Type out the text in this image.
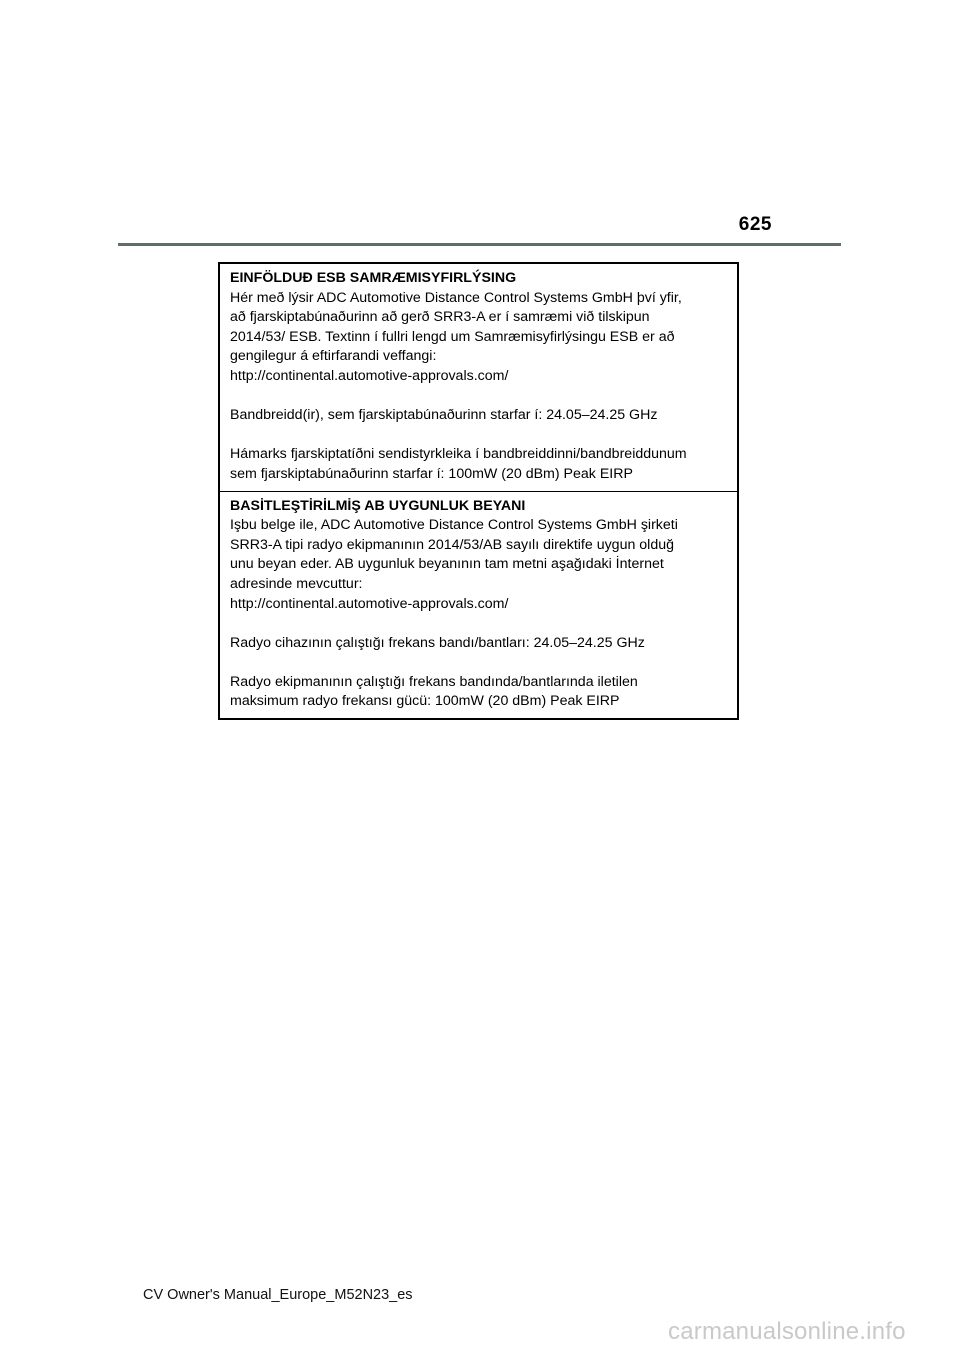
625
EINFÖLDUÐ ESB SAMRÆMISYFIRLÝSING
Hér með lýsir ADC Automotive Distance Control Systems GmbH því yfir,
að fjarskiptabúnaðurinn að gerð SRR3-A er í samræmi við tilskipun
2014/53/ ESB. Textinn í fullri lengd um Samræmisyfirlýsingu ESB er að
gengilegur á eftirfarandi veffangi:
http://continental.automotive-approvals.com/
Bandbreidd(ir), sem fjarskiptabúnaðurinn starfar í: 24.05–24.25 GHz
Hámarks fjarskiptatíðni sendistyrkleika í bandbreiddinni/bandbreiddunum
sem fjarskiptabúnaðurinn starfar í: 100mW (20 dBm) Peak EIRP
BASİTLEŞTİRİLMİŞ AB UYGUNLUK BEYANI
Işbu belge ile, ADC Automotive Distance Control Systems GmbH şirketi
SRR3-A tipi radyo ekipmanının 2014/53/AB sayılı direktife uygun olduğ
unu beyan eder. AB uygunluk beyanının tam metni aşağıdaki İnternet
adresinde mevcuttur:
http://continental.automotive-approvals.com/
Radyo cihazının çalıştığı frekans bandı/bantları: 24.05–24.25 GHz
Radyo ekipmanının çalıştığı frekans bandında/bantlarında iletilen
maksimum radyo frekansı gücü: 100mW (20 dBm) Peak EIRP
CV Owner's Manual_Europe_M52N23_es
carmanualsonline.info
